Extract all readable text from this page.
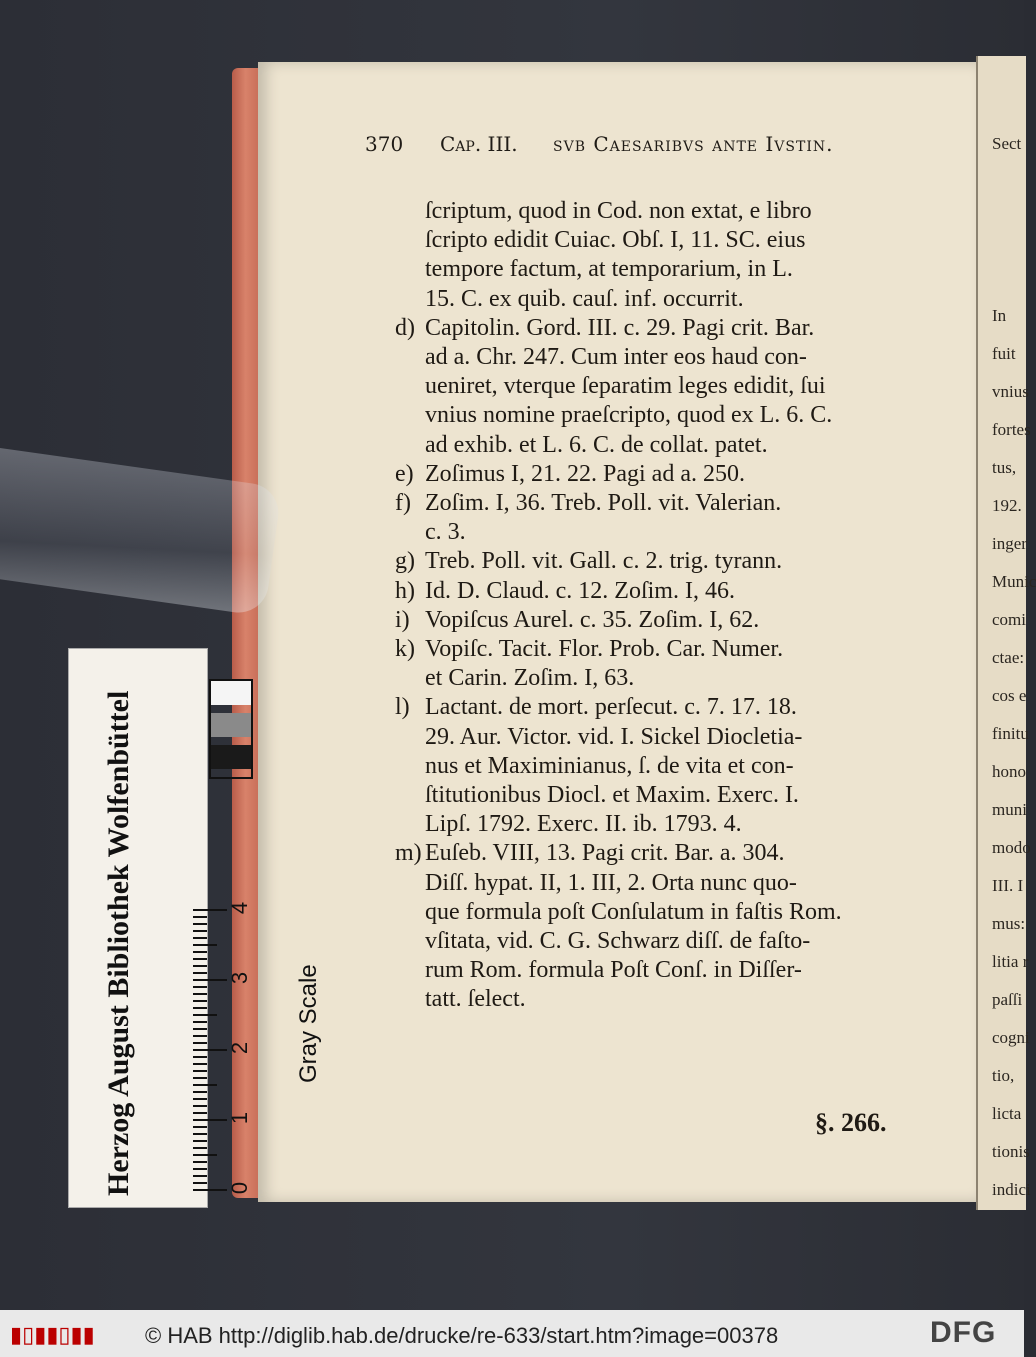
Sect
In
fuit
vnius
fortes
tus,
192.
inger
Munic
comi
ctae:
cos e
finitu
hono
muni
modo
III. I
mus:
litia r
paſſi
cogni
tio,
licta
tionis
indici
370 Cap. III. svb Caesaribvs ante Ivstin.
ſcriptum, quod in Cod. non extat, e libro
ſcripto edidit Cuiac. Obſ. I, 11. SC. eius
tempore factum, at temporarium, in L.
15. C. ex quib. cauſ. inf. occurrit.
d) Capitolin. Gord. III. c. 29. Pagi crit. Bar.
ad a. Chr. 247. Cum inter eos haud con-
ueniret, vterque ſeparatim leges edidit, ſui
vnius nomine praeſcripto, quod ex L. 6. C.
ad exhib. et L. 6. C. de collat. patet.
e) Zoſimus I, 21. 22. Pagi ad a. 250.
f) Zoſim. I, 36. Treb. Poll. vit. Valerian.
c. 3.
g) Treb. Poll. vit. Gall. c. 2. trig. tyrann.
h) Id. D. Claud. c. 12. Zoſim. I, 46.
i) Vopiſcus Aurel. c. 35. Zoſim. I, 62.
k) Vopiſc. Tacit. Flor. Prob. Car. Numer.
et Carin. Zoſim. I, 63.
l) Lactant. de mort. perſecut. c. 7. 17. 18.
29. Aur. Victor. vid. I. Sickel Diocletia-
nus et Maximinianus, ſ. de vita et con-
ſtitutionibus Diocl. et Maxim. Exerc. I.
Lipſ. 1792. Exerc. II. ib. 1793. 4.
m) Euſeb. VIII, 13. Pagi crit. Bar. a. 304.
Diſſ. hypat. II, 1. III, 2. Orta nunc quo-
que formula poſt Conſulatum in faſtis Rom.
vſitata, vid. C. G. Schwarz diſſ. de faſto-
rum Rom. formula Poſt Conſ. in Diſſer-
tatt. ſelect.
§. 266.
Herzog August Bibliothek Wolfenbüttel	Gray Scale
0
1
2
3
4
▮▯▮▮▯▮▮ © HAB http://diglib.hab.de/drucke/re-633/start.htm?image=00378	DFG
